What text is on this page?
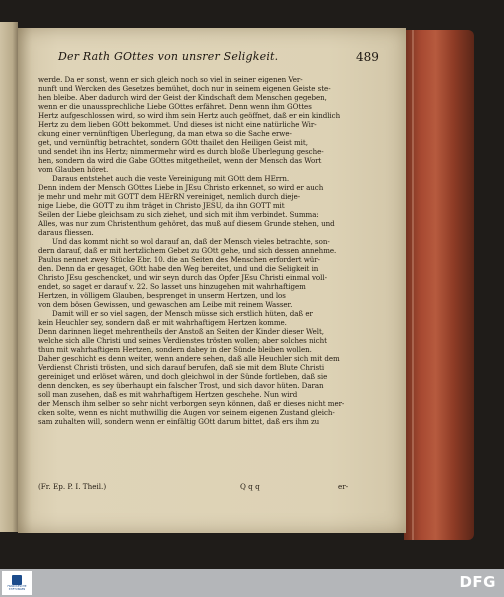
Der Rath GOttes von unsrer Seligkeit.	489
werde. Da er sonst, wenn er sich gleich noch so viel in seiner eigenen Ver-
nunft und Wercken des Gesetzes bemühet, doch nur in seinem eigenen Geiste ste-
hen bleibe. Aber dadurch wird der Geist der Kindschaft dem Menschen gegeben,
wenn er die unaussprechliche Liebe GOttes erfähret. Denn wenn ihm GOttes
Hertz aufgeschlossen wird, so wird ihm sein Hertz auch geöffnet, daß er ein kindlich
Hertz zu dem lieben GOtt bekommet. Und dieses ist nicht eine natürliche Wir-
ckung einer vernünftigen Uberlegung, da man etwa so die Sache erwe-
get, und vernünftig betrachtet, sondern GOtt thailet den Heiligen Geist mit,
und sendet ihn ins Hertz; nimmermehr wird es durch bloße Uberlegung gesche-
hen, sondern da wird die Gabe GOttes mitgetheilet, wenn der Mensch das Wort
vom Glauben höret.
Daraus entstehet auch die veste Vereinigung mit GOtt dem HErrn.
Denn indem der Mensch GOttes Liebe in JEsu Christo erkennet, so wird er auch
je mehr und mehr mit GOTT dem HErRN vereiniget, nemlich durch dieje-
nige Liebe, die GOTT zu ihm träget in Christo JESU, da ihn GOTT mit
Seilen der Liebe gleichsam zu sich ziehet, und sich mit ihm verbindet. Summa:
Alles, was nur zum Christenthum gehöret, das muß auf diesem Grunde stehen, und
daraus fliessen.
Und das kommt nicht so wol darauf an, daß der Mensch vieles betrachte, son-
dern darauf, daß er mit hertzlichem Gebet zu GOtt gehe, und sich dessen annehme.
Paulus nennet zwey Stücke Ebr. 10. die an Seiten des Menschen erfordert wür-
den. Denn da er gesaget, GOtt habe den Weg bereitet, und und die Seligkeit in
Christo JEsu geschencket, und wir seyn durch das Opfer JEsu Christi einmal voll-
endet, so saget er darauf v. 22. So lasset uns hinzugehen mit wahrhaftigem
Hertzen, in völligem Glauben, besprenget in unserm Hertzen, und los
von dem bösen Gewissen, und gewaschen am Leibe mit reinem Wasser.
Damit will er so viel sagen, der Mensch müsse sich erstlich hüten, daß er
kein Heuchler sey, sondern daß er mit wahrhaftigem Hertzen komme.
Denn darinnen lieget mehrentheils der Anstoß an Seiten der Kinder dieser Welt,
welche sich alle Christi und seines Verdienstes trösten wollen; aber solches nicht
thun mit wahrhaftigem Hertzen, sondern dabey in der Sünde bleiben wollen.
Daher geschicht es denn weiter, wenn andere sehen, daß alle Heuchler sich mit dem
Verdienst Christi trösten, und sich darauf berufen, daß sie mit dem Blute Christi
gereiniget und erlöset wären, und doch gleichwol in der Sünde fortleben, daß sie
denn dencken, es sey überhaupt ein falscher Trost, und sich davor hüten. Daran
soll man zusehen, daß es mit wahrhaftigem Hertzen geschehe. Nun wird
der Mensch ihm selber so sehr nicht verborgen seyn können, daß er dieses nicht mer-
cken solte, wenn es nicht muthwillig die Augen vor seinem eigenen Zustand gleich-
sam zuhalten will, sondern wenn er einfältig GOtt darum bittet, daß ers ihm zu
(Fr. Ep. P. I. Theil.)	Q q q	er-
FRANCKESCHE STIFTUNGEN	DFG
